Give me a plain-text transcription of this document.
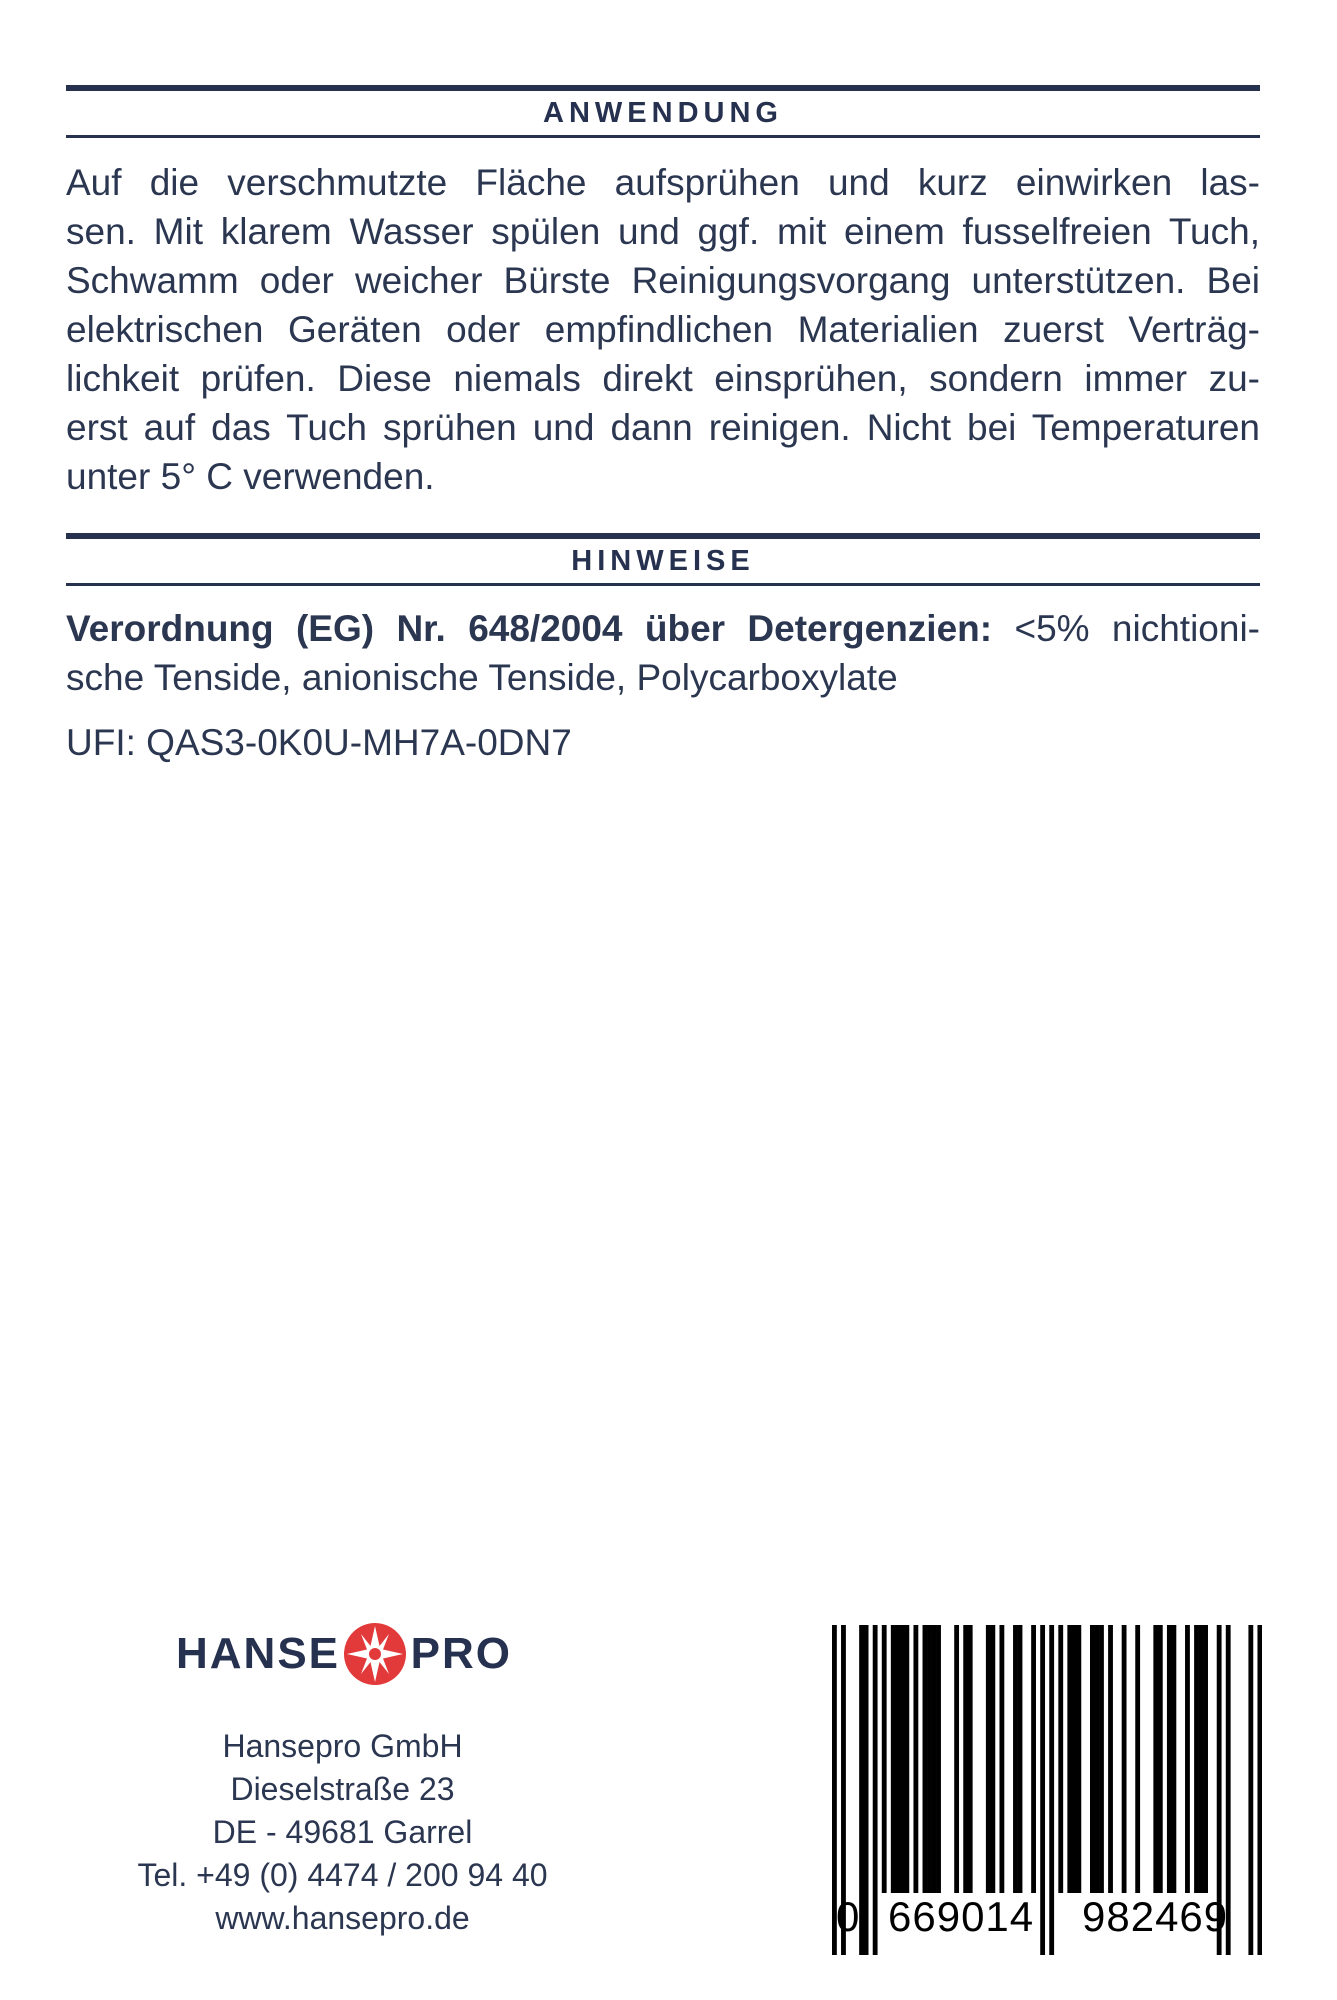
ANWENDUNG
Auf die verschmutzte Fläche aufsprühen und kurz einwirken las-
sen. Mit klarem Wasser spülen und ggf. mit einem fusselfreien Tuch,
Schwamm oder weicher Bürste Reinigungsvorgang unterstützen. Bei
elektrischen Geräten oder empfindlichen Materialien zuerst Verträg-
lichkeit prüfen. Diese niemals direkt einsprühen, sondern immer zu-
erst auf das Tuch sprühen und dann reinigen. Nicht bei Temperaturen
unter 5° C verwenden.
HINWEISE
Verordnung (EG) Nr. 648/2004 über Detergenzien: <5% nichtioni-
sche Tenside, anionische Tenside, Polycarboxylate
UFI: QAS3-0K0U-MH7A-0DN7
HANSE PRO
Hansepro GmbH
Dieselstraße 23
DE - 49681 Garrel
Tel. +49 (0) 4474 / 200 94 40
www.hansepro.de	0 669014 982469
